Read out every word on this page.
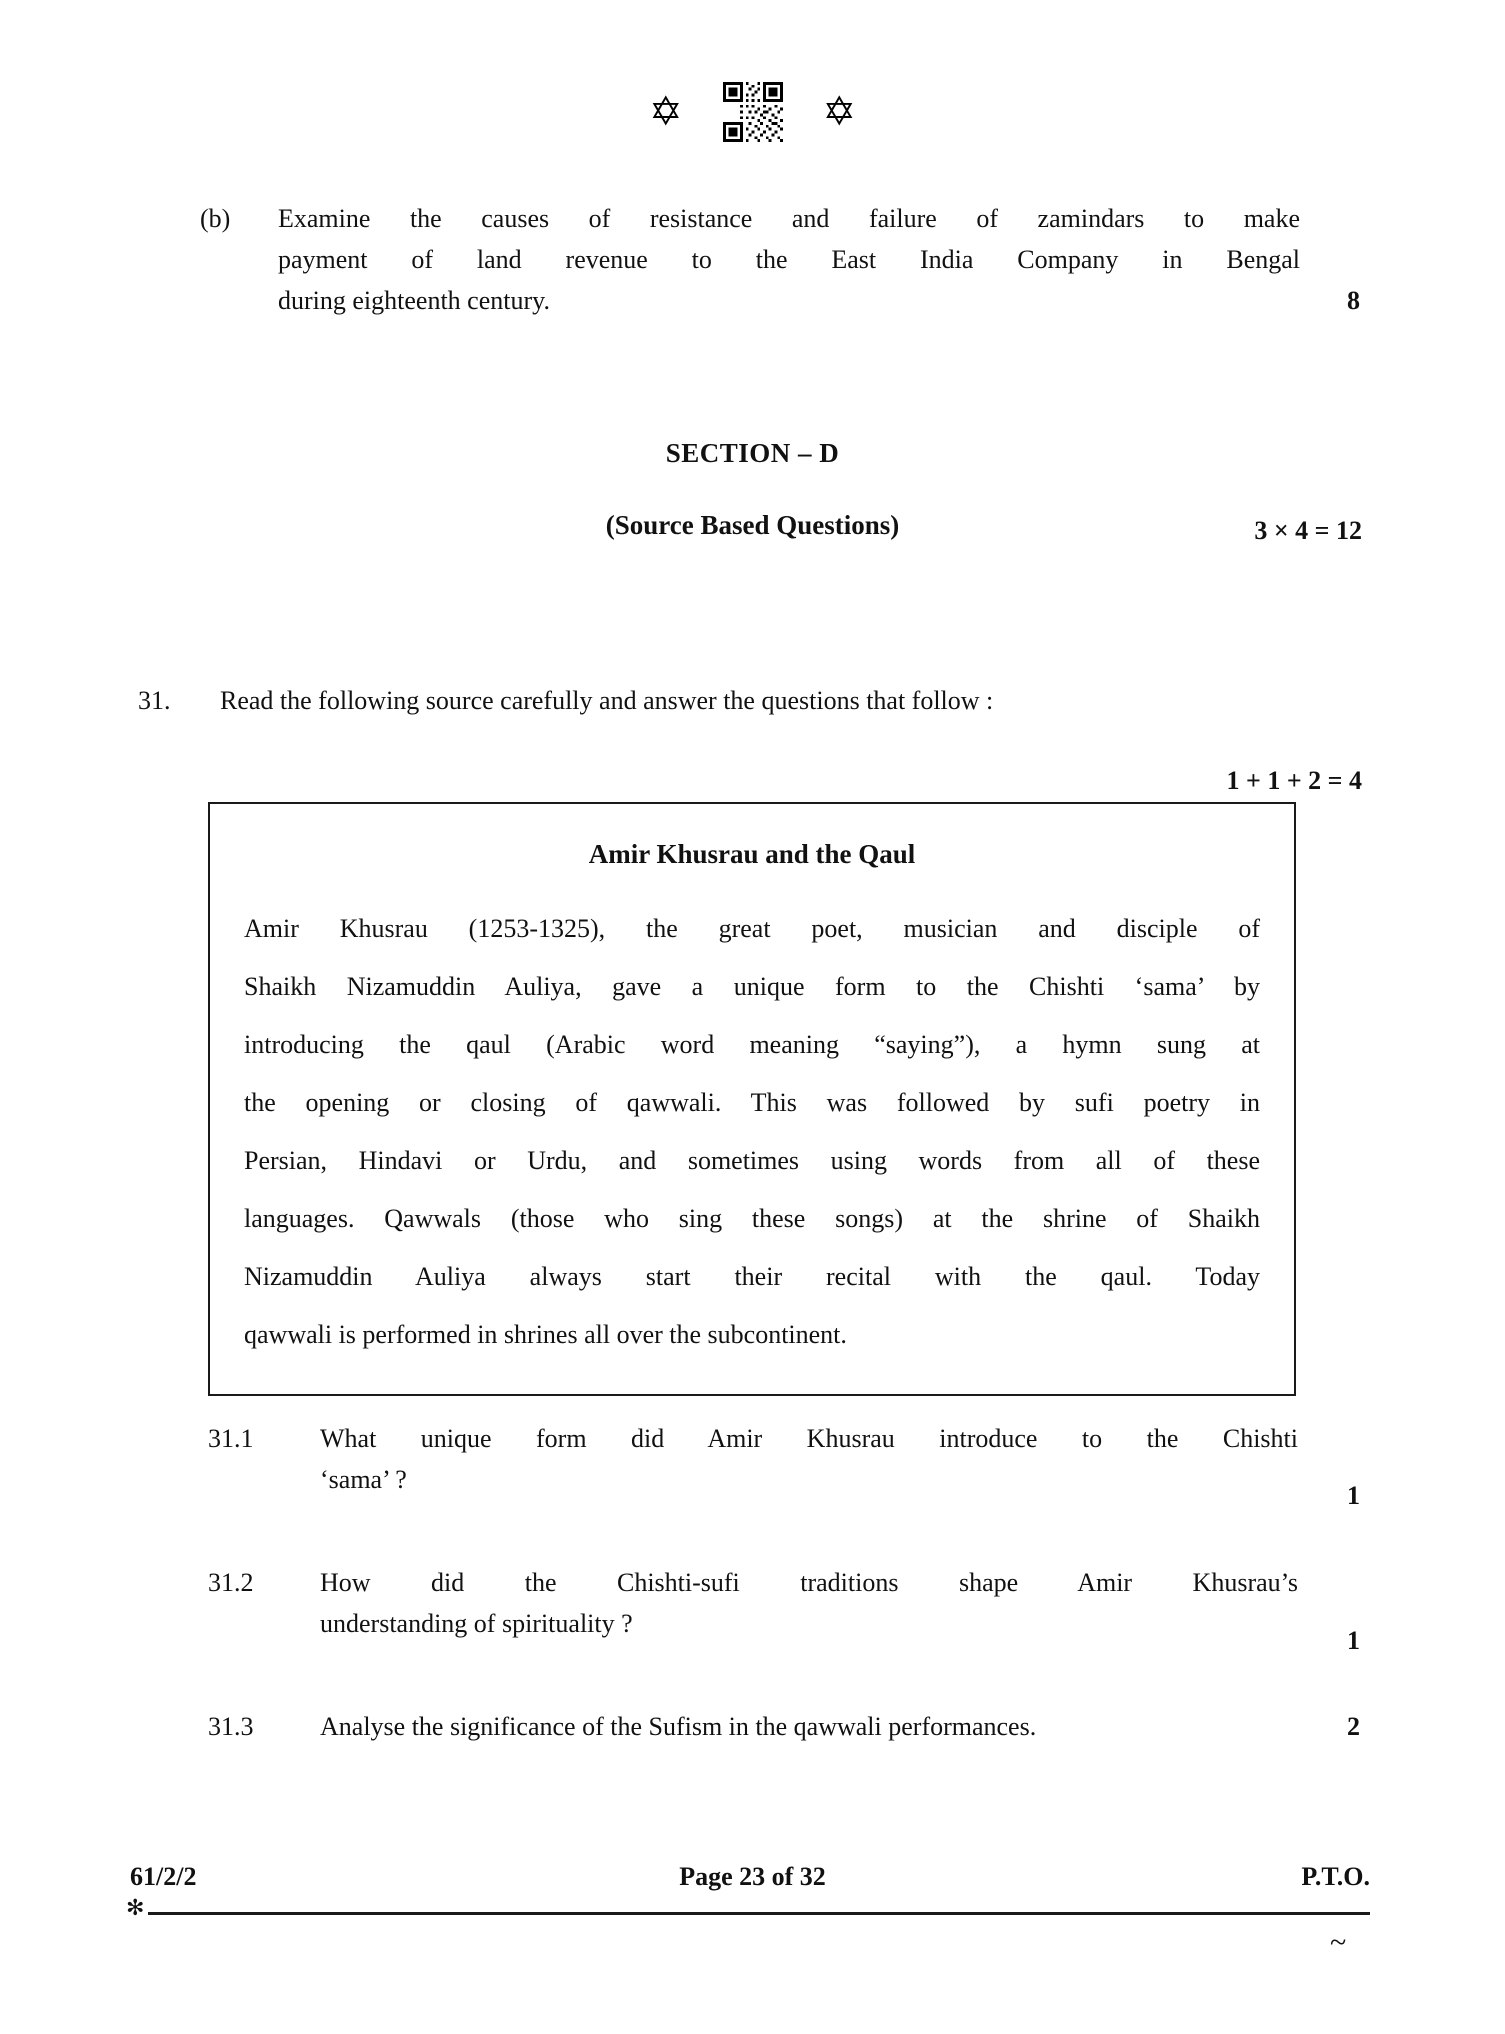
✡	✡
(b)	Examine the causes of resistance and failure of zamindars to make
payment of land revenue to the East India Company in Bengal
during eighteenth century.	8
SECTION – D
(Source Based Questions)	3 × 4 = 12
31.	Read the following source carefully and answer the questions that follow :
1 + 1 + 2 = 4
Amir Khusrau and the Qaul
Amir Khusrau (1253-1325), the great poet, musician and disciple of
Shaikh Nizamuddin Auliya, gave a unique form to the Chishti ‘sama’ by
introducing the qaul (Arabic word meaning “saying”), a hymn sung at
the opening or closing of qawwali. This was followed by sufi poetry in
Persian, Hindavi or Urdu, and sometimes using words from all of these
languages. Qawwals (those who sing these songs) at the shrine of Shaikh
Nizamuddin Auliya always start their recital with the qaul. Today
qawwali is performed in shrines all over the subcontinent.
31.1	What unique form did Amir Khusrau introduce to the Chishti
‘sama’ ?
1
31.2	How did the Chishti-sufi traditions shape Amir Khusrau’s
understanding of spirituality ?
1
31.3	Analyse the significance of the Sufism in the qawwali performances.	2
61/2/2	P.T.O.
Page 23 of 32
✻
~
